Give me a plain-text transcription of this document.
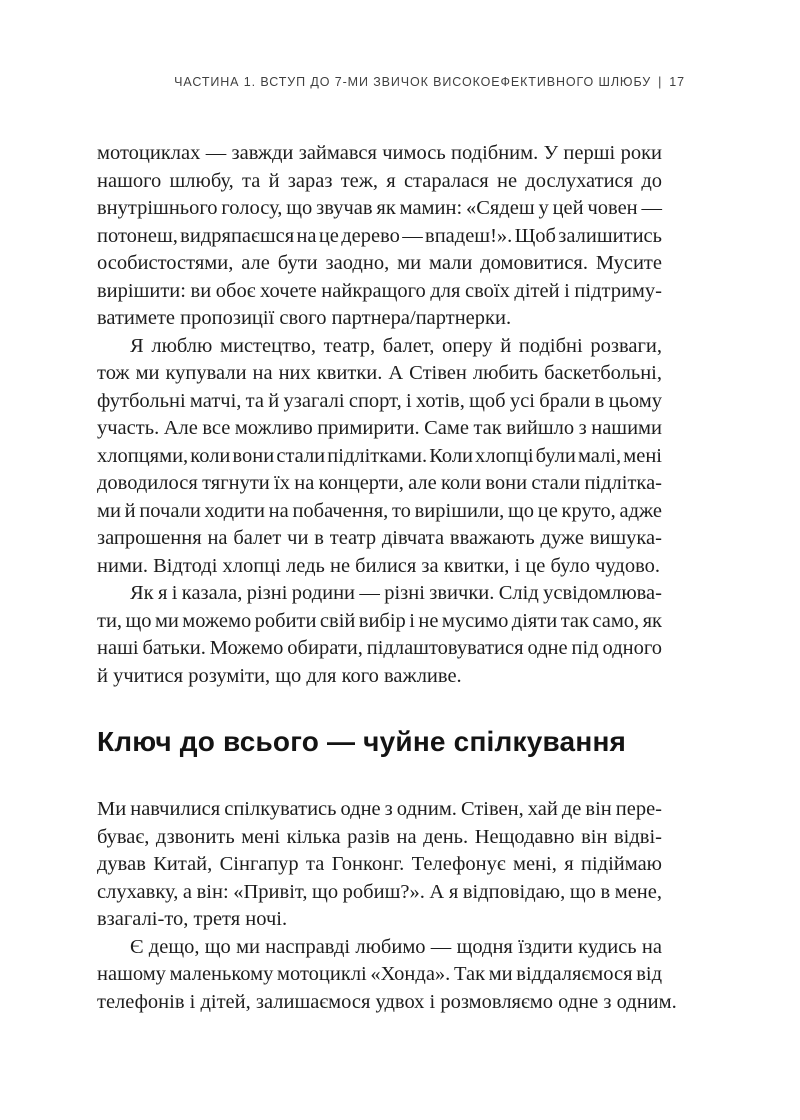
ЧАСТИНА 1. ВСТУП ДО 7-МИ ЗВИЧОК ВИСОКОЕФЕКТИВНОГО ШЛЮБУ | 17
мотоциклах — завжди займався чимось подібним. У перші роки
нашого шлюбу, та й зараз теж, я старалася не дослухатися до
внутрішнього голосу, що звучав як мамин: «Сядеш у цей човен —
потонеш, видряпаєшся на це дерево — впадеш!». Щоб залишитись
особистостями, але бути заодно, ми мали домовитися. Мусите
вирішити: ви обоє хочете найкращого для своїх дітей і підтриму-
ватимете пропозиції свого партнера/партнерки.
Я люблю мистецтво, театр, балет, оперу й подібні розваги,
тож ми купували на них квитки. А Стівен любить баскетбольні,
футбольні матчі, та й узагалі спорт, і хотів, щоб усі брали в цьому
участь. Але все можливо примирити. Саме так вийшло з нашими
хлопцями, коли вони стали підлітками. Коли хлопці були малі, мені
доводилося тягнути їх на концерти, але коли вони стали підлітка-
ми й почали ходити на побачення, то вирішили, що це круто, адже
запрошення на балет чи в театр дівчата вважають дуже вишука-
ними. Відтоді хлопці ледь не билися за квитки, і це було чудово.
Як я і казала, різні родини — різні звички. Слід усвідомлюва-
ти, що ми можемо робити свій вибір і не мусимо діяти так само, як
наші батьки. Можемо обирати, підлаштовуватися одне під одного
й учитися розуміти, що для кого важливе.
Ключ до всього — чуйне спілкування
Ми навчилися спілкуватись одне з одним. Стівен, хай де він пере-
буває, дзвонить мені кілька разів на день. Нещодавно він відві-
дував Китай, Сінгапур та Гонконг. Телефонує мені, я підіймаю
слухавку, а він: «Привіт, що робиш?». А я відповідаю, що в мене,
взагалі-то, третя ночі.
Є дещо, що ми насправді любимо — щодня їздити кудись на
нашому маленькому мотоциклі «Хонда». Так ми віддаляємося від
телефонів і дітей, залишаємося удвох і розмовляємо одне з одним.
